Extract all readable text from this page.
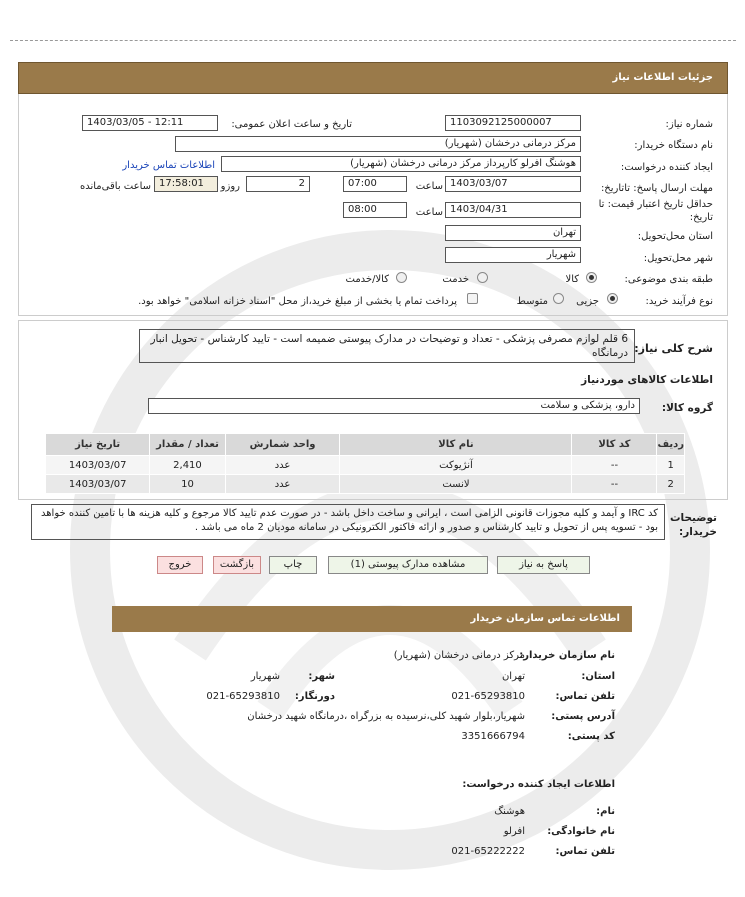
جزئیات اطلاعات نیاز
شماره نیاز:
1103092125000007
تاریخ و ساعت اعلان عمومی:
1403/03/05 - 12:11
نام دستگاه خریدار:
مرکز درمانی درخشان (شهریار)
ایجاد کننده درخواست:
هوشنگ افرلو کارپرداز مرکز درمانی درخشان (شهریار)
اطلاعات تماس خریدار
مهلت ارسال پاسخ: تاتاریخ:
1403/03/07
ساعت
07:00
2
روزو
17:58:01
ساعت باقی‌مانده
حداقل تاریخ اعتبار قیمت: تا
تاریخ:
1403/04/31
ساعت
08:00
استان محل‌تحویل:
تهران
شهر محل‌تحویل:
شهریار
طبقه بندی موضوعی:
کالا
خدمت
کالا/خدمت
نوع فرآیند خرید:
جزیی
متوسط
پرداخت تمام یا بخشی از مبلغ خرید،از محل "اسناد خزانه اسلامی" خواهد بود.
شرح کلی نیاز:
6 قلم لوازم مصرفی پزشکی - تعداد و توضیحات در مدارک پیوستی ضمیمه است - تایید کارشناس - تحویل انبار درمانگاه
اطلاعات کالاهای موردنیاز
گروه کالا:
دارو، پزشکی و سلامت
ردیف	کد کالا	نام کالا	واحد شمارش	تعداد / مقدار	تاریخ نیاز
1	--	آنژیوکت	عدد	2,410	1403/03/07
2	--	لانست	عدد	10	1403/03/07
توضیحات
خریدار:
کد IRC و آیمد و کلیه مجوزات قانونی الزامی است ، ایرانی و ساخت داخل باشد - در صورت عدم تایید کالا مرجوع و کلیه هزینه ها با تامین کننده خواهد بود - تسویه پس از تحویل و تایید کارشناس و صدور و ارائه فاکتور الکترونیکی در سامانه مودیان 2 ماه می باشد .
پاسخ به نیاز
مشاهده مدارک پیوستی (1)
چاپ
بازگشت
خروج
اطلاعات تماس سازمان خریدار
نام سازمان خریدار:
مرکز درمانی درخشان (شهریار)
استان:
تهران
شهر:
شهریار
تلفن تماس:
021-65293810
دورنگار:
021-65293810
آدرس پستی:
شهریار،بلوار شهید کلی،نرسیده به بزرگراه ،درمانگاه شهید درخشان
کد پستی:
3351666794
اطلاعات ایجاد کننده درخواست:
نام:
هوشنگ
نام خانوادگی:
افرلو
تلفن تماس:
021-65222222
